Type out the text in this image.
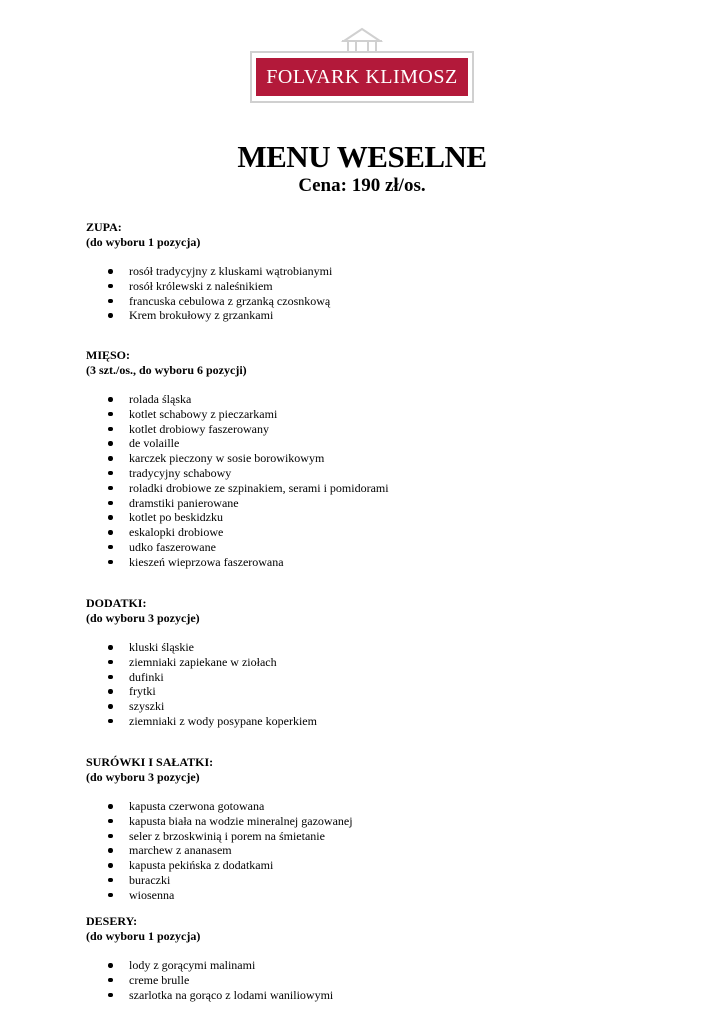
FOLVARK KLIMOSZ
MENU WESELNE
Cena: 190 zł/os.

ZUPA:

(do wyboru 1 pozycja)

rosół tradycyjny z kluskami wątrobianymi
rosół królewski z naleśnikiem
francuska cebulowa z grzanką czosnkową
Krem brokułowy z grzankami

MIĘSO:

(3 szt./os., do wyboru 6 pozycji)

rolada śląska
kotlet schabowy z pieczarkami
kotlet drobiowy faszerowany
de volaille
karczek pieczony w sosie borowikowym
tradycyjny schabowy
roladki drobiowe ze szpinakiem, serami i pomidorami
dramstiki panierowane
kotlet po beskidzku
eskalopki drobiowe
udko faszerowane
kieszeń wieprzowa faszerowana

DODATKI:

(do wyboru 3 pozycje)

kluski śląskie
ziemniaki zapiekane w ziołach
dufinki
frytki
szyszki
ziemniaki z wody posypane koperkiem

SURÓWKI I SAŁATKI:

(do wyboru 3 pozycje)

kapusta czerwona gotowana
kapusta biała na wodzie mineralnej gazowanej
seler z brzoskwinią i porem na śmietanie
marchew z ananasem
kapusta pekińska z dodatkami
buraczki
wiosenna

DESERY:

(do wyboru 1 pozycja)

lody z gorącymi malinami
creme brulle
szarlotka na gorąco z lodami waniliowymi
